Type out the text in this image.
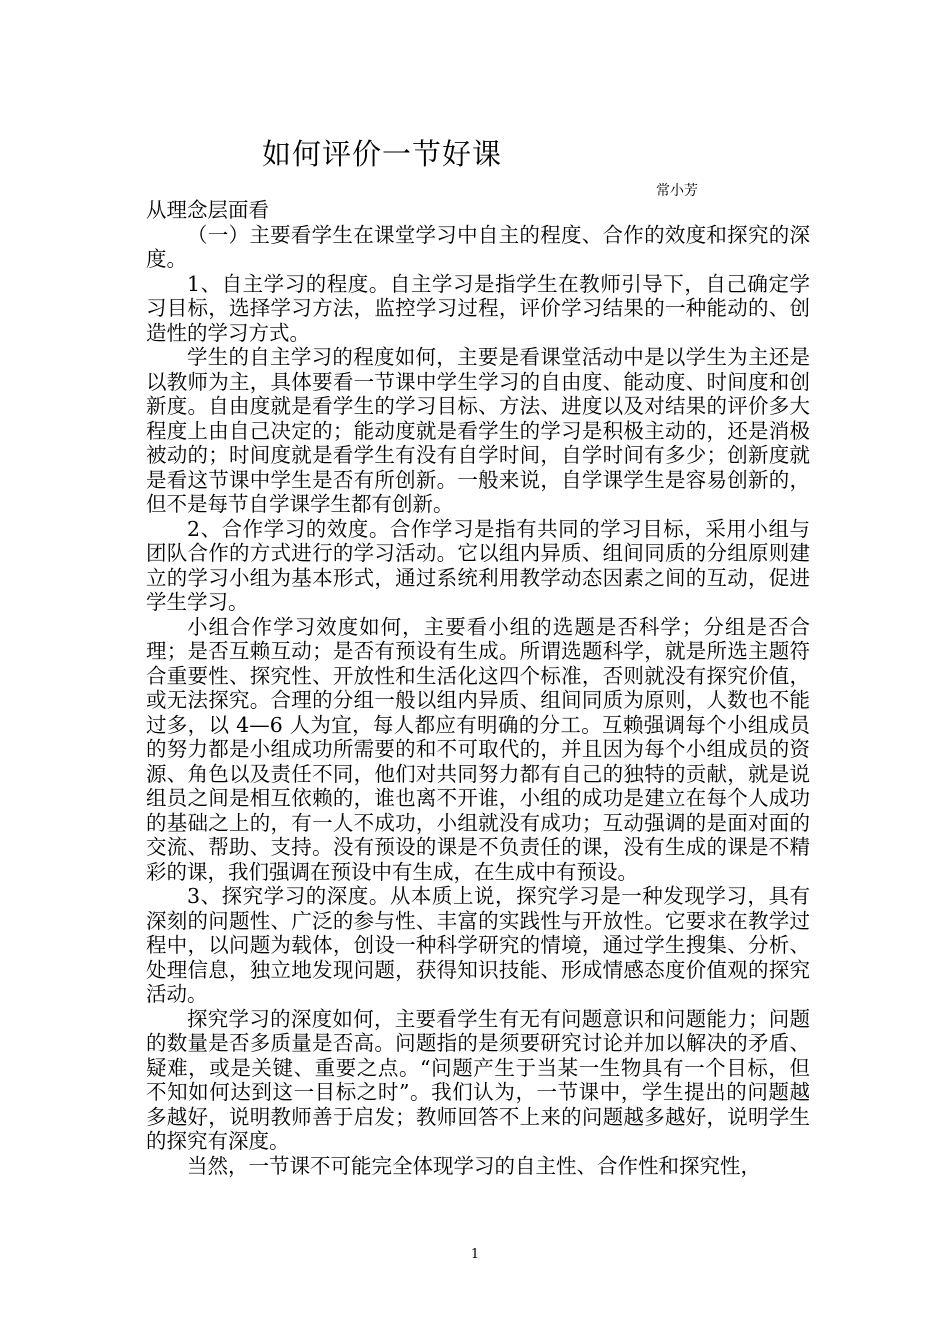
如何评价一节好课
常小芳

从理念层面看

（一）主要看学生在课堂学习中自主的程度、合作的效度和探究的深度。

1、自主学习的程度。自主学习是指学生在教师引导下，自己确定学习目标，选择学习方法，监控学习过程，评价学习结果的一种能动的、创造性的学习方式。

学生的自主学习的程度如何，主要是看课堂活动中是以学生为主还是以教师为主，具体要看一节课中学生学习的自由度、能动度、时间度和创新度。自由度就是看学生的学习目标、方法、进度以及对结果的评价多大程度上由自己决定的；能动度就是看学生的学习是积极主动的，还是消极被动的；时间度就是看学生有没有自学时间，自学时间有多少；创新度就是看这节课中学生是否有所创新。一般来说，自学课学生是容易创新的，但不是每节自学课学生都有创新。

2、合作学习的效度。合作学习是指有共同的学习目标，采用小组与团队合作的方式进行的学习活动。它以组内异质、组间同质的分组原则建立的学习小组为基本形式，通过系统利用教学动态因素之间的互动，促进学生学习。

小组合作学习效度如何，主要看小组的选题是否科学；分组是否合理；是否互赖互动；是否有预设有生成。所谓选题科学，就是所选主题符合重要性、探究性、开放性和生活化这四个标准，否则就没有探究价值，或无法探究。合理的分组一般以组内异质、组间同质为原则，人数也不能过多，以 4—6 人为宜，每人都应有明确的分工。互赖强调每个小组成员的努力都是小组成功所需要的和不可取代的，并且因为每个小组成员的资源、角色以及责任不同，他们对共同努力都有自己的独特的贡献，就是说组员之间是相互依赖的，谁也离不开谁，小组的成功是建立在每个人成功的基础之上的，有一人不成功，小组就没有成功；互动强调的是面对面的交流、帮助、支持。没有预设的课是不负责任的课，没有生成的课是不精彩的课，我们强调在预设中有生成，在生成中有预设。

3、探究学习的深度。从本质上说，探究学习是一种发现学习，具有深刻的问题性、广泛的参与性、丰富的实践性与开放性。它要求在教学过程中，以问题为载体，创设一种科学研究的情境，通过学生搜集、分析、处理信息，独立地发现问题，获得知识技能、形成情感态度价值观的探究活动。

探究学习的深度如何，主要看学生有无有问题意识和问题能力；问题的数量是否多质量是否高。问题指的是须要研究讨论并加以解决的矛盾、疑难，或是关键、重要之点。“问题产生于当某一生物具有一个目标，但不知如何达到这一目标之时”。我们认为，一节课中，学生提出的问题越多越好，说明教师善于启发；教师回答不上来的问题越多越好，说明学生的探究有深度。

当然，一节课不可能完全体现学习的自主性、合作性和探究性，

1
